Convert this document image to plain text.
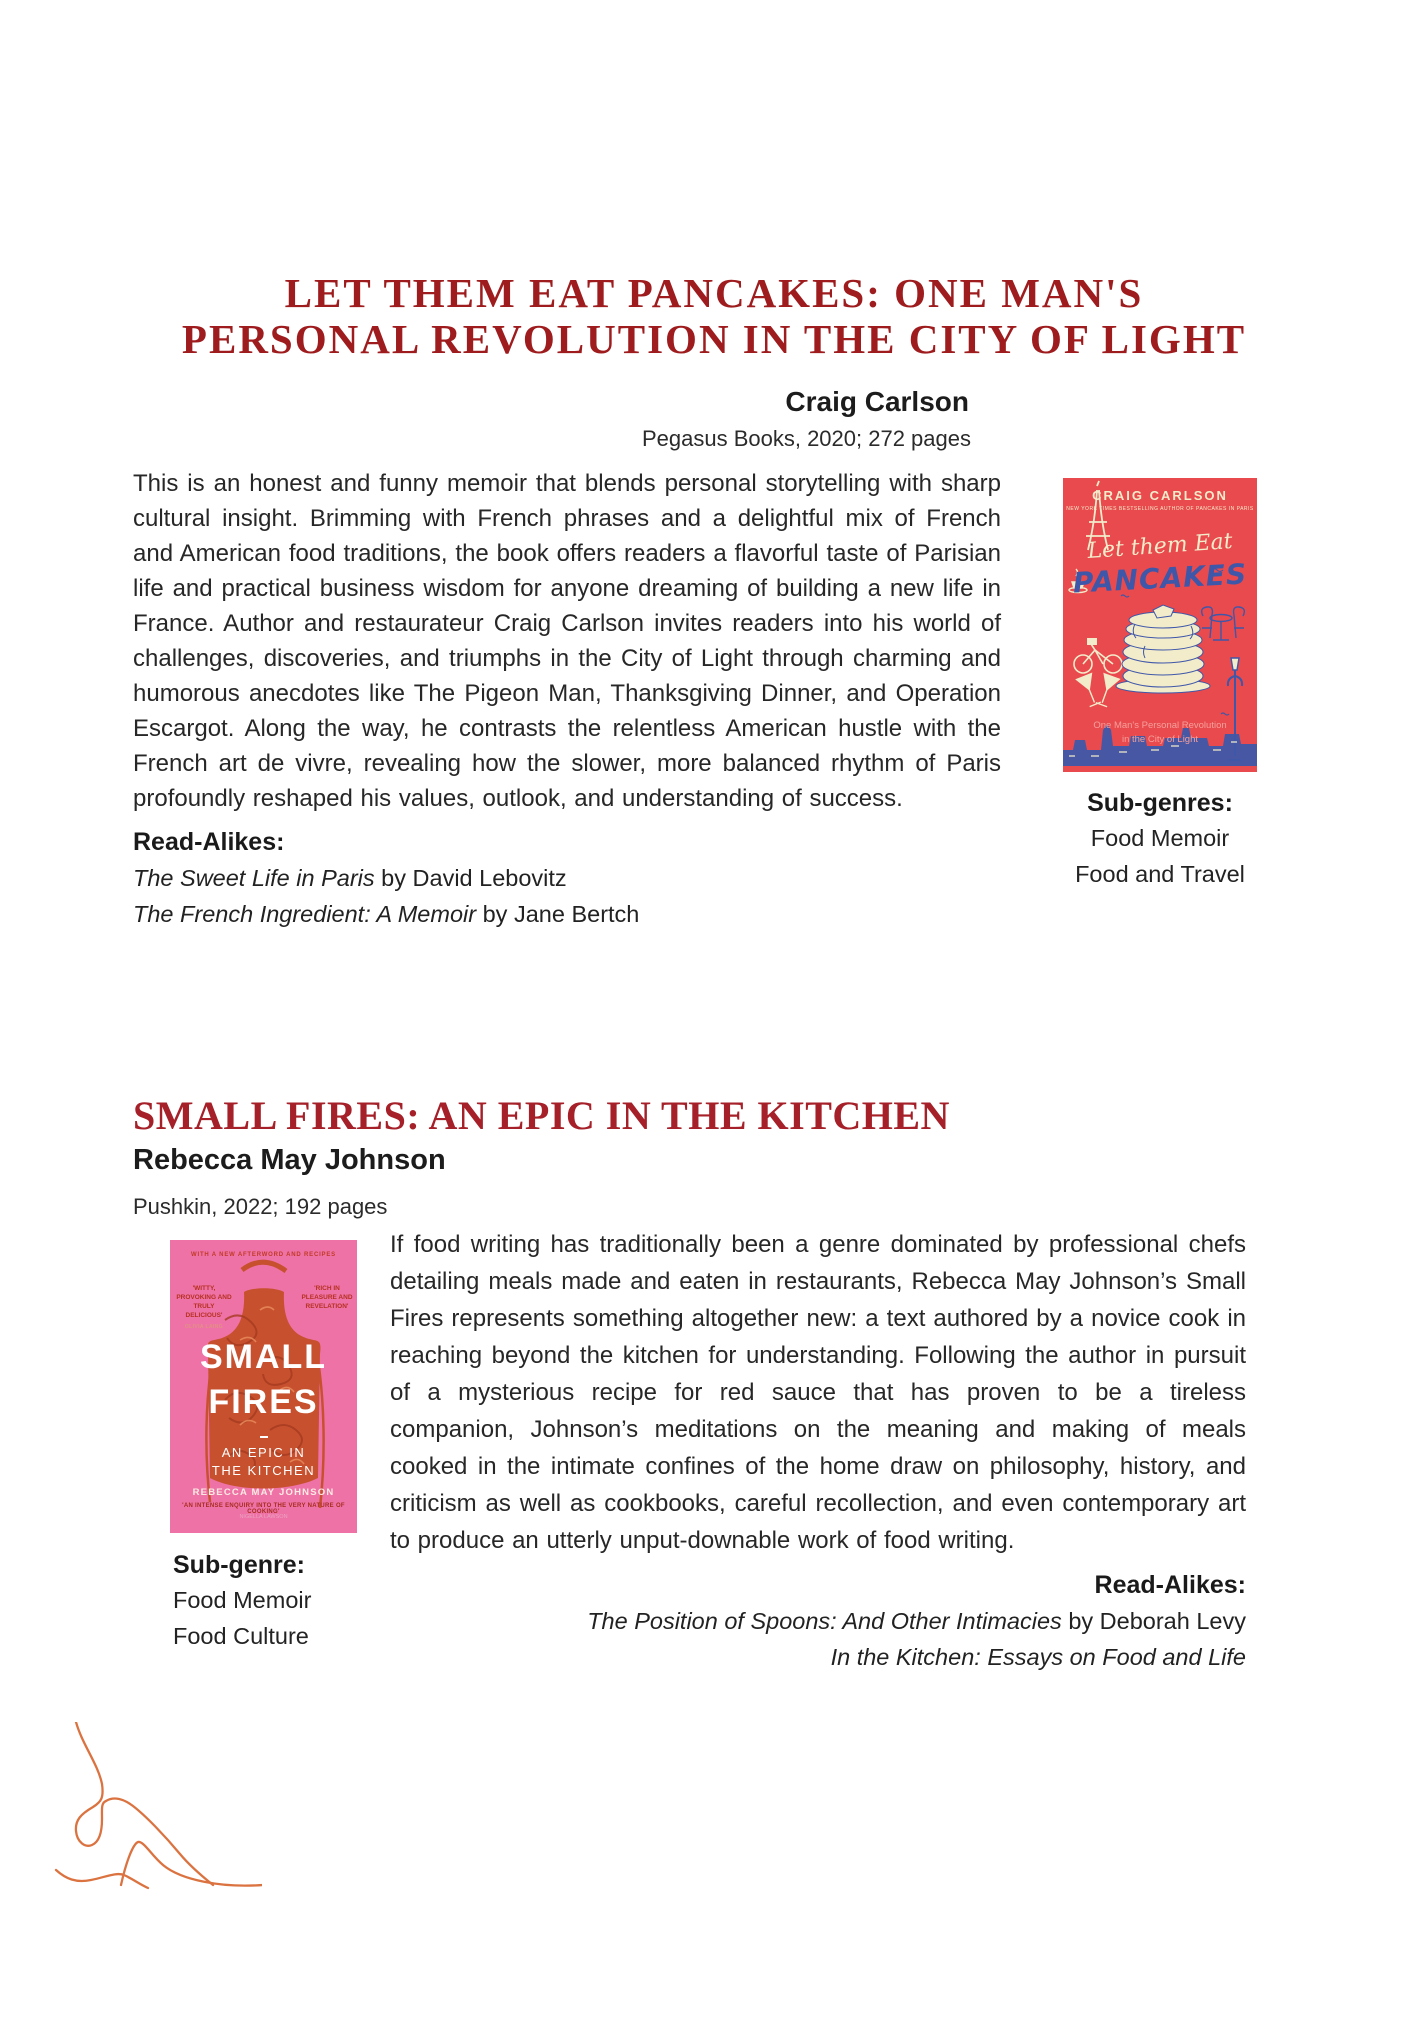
LET THEM EAT PANCAKES: ONE MAN'S
PERSONAL REVOLUTION IN THE CITY OF LIGHT
Craig Carlson
Pegasus Books, 2020; 272 pages
This is an honest and funny memoir that blends personal storytelling with sharp cultural insight. Brimming with French phrases and a delightful mix of French and American food traditions, the book offers readers a flavorful taste of Parisian life and practical business wisdom for anyone dreaming of building a new life in France. Author and restaurateur Craig Carlson invites readers into his world of challenges, discoveries, and triumphs in the City of Light through charming and humorous anecdotes like The Pigeon Man, Thanksgiving Dinner, and Operation Escargot. Along the way, he contrasts the relentless American hustle with the French art de vivre, revealing how the slower, more balanced rhythm of Paris profoundly reshaped his values, outlook, and understanding of success.
Read-Alikes:
The Sweet Life in Paris by David Lebovitz
The French Ingredient: A Memoir by Jane Bertch
CRAIG CARLSON
NEW YORK TIMES BESTSELLING AUTHOR OF PANCAKES IN PARIS
Let them Eat
PANCAKES
One Man's Personal Revolution
in the City of Light
Sub-genres:
Food Memoir
Food and Travel
SMALL FIRES: AN EPIC IN THE KITCHEN
Rebecca May Johnson
Pushkin, 2022; 192 pages
WITH A NEW AFTERWORD AND RECIPES
'WITTY, PROVOKING AND TRULY DELICIOUS'
OLIVIA LAING
'RICH IN PLEASURE AND REVELATION'
SMALL
FIRES
AN EPIC IN
THE KITCHEN
REBECCA MAY JOHNSON
'AN INTENSE ENQUIRY INTO THE VERY NATURE OF COOKING'
NIGELLA LAWSON
Sub-genre:
Food Memoir
Food Culture
If food writing has traditionally been a genre dominated by professional chefs detailing meals made and eaten in restaurants, Rebecca May Johnson’s Small Fires represents something altogether new: a text authored by a novice cook in reaching beyond the kitchen for understanding. Following the author in pursuit of a mysterious recipe for red sauce that has proven to be a tireless companion, Johnson’s meditations on the meaning and making of meals cooked in the intimate confines of the home draw on philosophy, history, and criticism as well as cookbooks, careful recollection, and even contemporary art to produce an utterly unput-downable work of food writing.
Read-Alikes:
The Position of Spoons: And Other Intimacies by Deborah Levy
In the Kitchen: Essays on Food and Life
